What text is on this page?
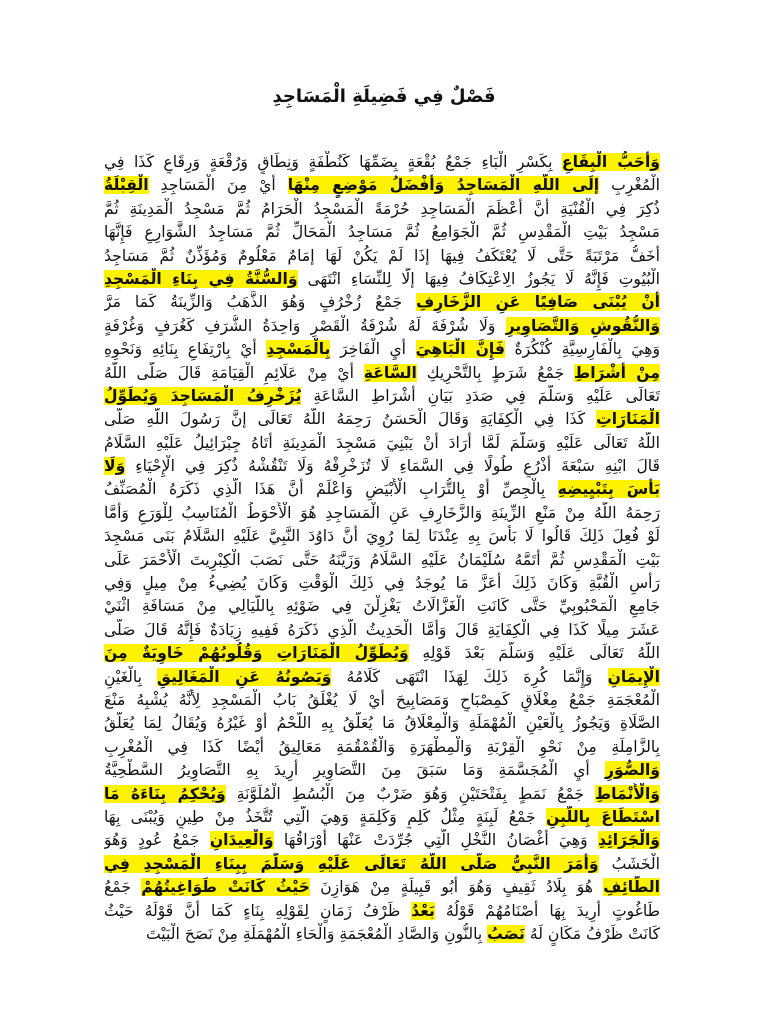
فَصْلٌ فِي فَضِيلَةِ الْمَسَاجِدِ
وَأَحَبُّ الْبِقَاعِ بِكَسْرِ الْبَاءِ جَمْعُ بُقْعَةٍ بِضَمِّهَا كَنُطْفَةٍ وَنِطَاقٍ وَرُقْعَةٍ وَرِقَاعٍ كَذَا فِي
الْمُغْرِبِ إلَى اللَّهِ الْمَسَاجِدُ وَأَفْضَلُ مَوْضِعٍ مِنْهَا أَيْ مِنَ الْمَسَاجِدِ الْقِبْلَةُ
ذُكِرَ فِي الْقُنْيَةِ أَنَّ أَعْظَمَ الْمَسَاجِدِ حُرْمَةً الْمَسْجِدُ الْحَرَامُ ثُمَّ مَسْجِدُ الْمَدِينَةِ ثُمَّ
مَسْجِدُ بَيْتِ الْمَقْدِسِ ثُمَّ الْجَوَامِعُ ثُمَّ مَسَاجِدُ الْمَحَالِّ ثُمَّ مَسَاجِدُ الشَّوَارِعِ فَإِنَّهَا
أَخَفُّ مَرْتَبَةً حَتَّى لَا يُعْتَكَفُ فِيهَا إذَا لَمْ يَكُنْ لَهَا إمَامٌ مَعْلُومٌ وَمُؤَذِّنٌ ثُمَّ مَسَاجِدُ
الْبُيُوتِ فَإِنَّهُ لَا يَجُوزُ الِاعْتِكَافُ فِيهَا إلَّا لِلنِّسَاءِ انْتَهَى وَالسُّنَّةُ فِي بِنَاءِ الْمَسْجِدِ
أَنْ يُبْنَى صَافِيًا عَنِ الزَّخَارِفِ جَمْعُ زُخْرُفٍ وَهُوَ الذَّهَبُ وَالزِّينَةُ كَمَا مَرَّ
وَالنُّقُوشِ وَالتَّصَاوِيرِ وَلَا شُرْفَةَ لَهُ شُرْفَةُ الْقَصْرِ وَاحِدَةُ الشُّرَفِ كَغُرَفٍ وَغُرْفَةٍ
وَهِيَ بِالْفَارِسِيَّةِ كُنْكُرَةٌ فَإِنَّ الْبَاهِيَ أَيِ الْفَاخِرَ بِالْمَسْجِدِ أَيْ بِارْتِفَاعِ بِنَائِهِ وَنَحْوِهِ
مِنْ أَشْرَاطِ جَمْعُ شَرَطٍ بِالتَّحْرِيكِ السَّاعَةِ أَيْ مِنْ عَلَائِمِ الْقِيَامَةِ قَالَ صَلَّى اللَّهُ
تَعَالَى عَلَيْهِ وَسَلَّمَ فِي صَدَدِ بَيَانِ أَشْرَاطِ السَّاعَةِ يُزَخْرِفُ الْمَسَاجِدَ وَيُطَوِّلُ
الْمَنَارَاتِ كَذَا فِي الْكِفَايَةِ وَقَالَ الْحَسَنُ رَحِمَهُ اللَّهُ تَعَالَى إنَّ رَسُولَ اللَّهِ صَلَّى
اللَّهُ تَعَالَى عَلَيْهِ وَسَلَّمَ لَمَّا أَرَادَ أَنْ يَبْنِيَ مَسْجِدَ الْمَدِينَةِ أَتَاهُ جِبْرَائِيلُ عَلَيْهِ السَّلَامُ
قَالَ ابْنِهِ سَبْعَةَ أَذْرُعٍ طُولًا فِي السَّمَاءِ لَا تُزَخْرِفْهُ وَلَا تَنْقُشْهُ ذُكِرَ فِي الْإِحْيَاءِ وَلَا
بَأْسَ بِتَبْيِيضِهِ بِالْجِصِّ أَوْ بِالتُّرَابِ الْأَبْيَضِ وَاعْلَمْ أَنَّ هَذَا الَّذِي ذَكَرَهُ الْمُصَنِّفُ
رَحِمَهُ اللَّهُ مِنْ مَنْعِ الزِّينَةِ وَالزَّخَارِفِ عَنِ الْمَسَاجِدِ هُوَ الْأَحْوَطُ الْمُنَاسِبُ لِلْوَرَعِ وَأَمَّا
لَوْ فُعِلَ ذَلِكَ قَالُوا لَا بَأْسَ بِهِ عِنْدَنَا لِمَا رُوِيَ أَنَّ دَاوُدَ النَّبِيَّ عَلَيْهِ السَّلَامُ بَنَى مَسْجِدَ
بَيْتِ الْمَقْدِسِ ثُمَّ أَتَمَّهُ سُلَيْمَانُ عَلَيْهِ السَّلَامُ وَزَيَّنَهُ حَتَّى نَصَبَ الْكِبْرِيتَ الْأَحْمَرَ عَلَى
رَأْسِ الْقُبَّةِ وَكَانَ ذَلِكَ أَعَزَّ مَا يُوجَدُ فِي ذَلِكَ الْوَقْتِ وَكَانَ يُضِيءُ مِنْ مِيلٍ وَفِي
جَامِعِ الْمَحْبُوبِيِّ حَتَّى كَانَتِ الْغَزَّالَاتُ يَغْزِلْنَ فِي ضَوْئِهِ بِاللَّيَالِي مِنْ مَسَافَةِ اثْنَيْ
عَشَرَ مِيلًا كَذَا فِي الْكِفَايَةِ قَالَ وَأَمَّا الْحَدِيثُ الَّذِي ذَكَرَهُ فَفِيهِ زِيَادَةٌ فَإِنَّهُ قَالَ صَلَّى
اللَّهُ تَعَالَى عَلَيْهِ وَسَلَّمَ بَعْدَ قَوْلِهِ وَيُطَوِّلُ الْمَنَارَاتِ وَقُلُوبُهُمْ خَاوِيَةٌ مِنَ
الْإِيمَانِ وَإِنَّمَا كُرِهَ ذَلِكَ لِهَذَا انْتَهَى كَلَامُهُ وَيَصُونُهُ عَنِ الْمَغَالِيقِ بِالْغَيْنِ
الْمُعْجَمَةِ جَمْعُ مِغْلَاقٍ كَمِصْبَاحٍ وَمَصَابِيحَ أَيْ لَا يُغْلَقُ بَابُ الْمَسْجِدِ لِأَنَّهُ يُشْبِهُ مَنْعَ
الصَّلَاةِ وَيَجُوزُ بِالْعَيْنِ الْمُهْمَلَةِ وَالْمِعْلَاقُ مَا يُعَلَّقُ بِهِ اللَّحْمُ أَوْ غَيْرُهُ وَيُقَالُ لِمَا يُعَلَّقُ
بِالزَّامِلَةِ مِنْ نَحْوِ الْقِرْبَةِ وَالْمِطْهَرَةِ وَالْقُمْقُمَةِ مَعَالِيقُ أَيْضًا كَذَا فِي الْمُغْرِبِ
وَالصُّوَرِ أَيِ الْمُجَسَّمَةِ وَمَا سَبَقَ مِنَ التَّصَاوِيرِ أُرِيدَ بِهِ التَّصَاوِيرُ السَّطْحِيَّةُ
وَالْأَنْمَاطِ جَمْعُ نَمَطٍ بِفَتْحَتَيْنِ وَهُوَ ضَرْبٌ مِنَ الْبُسُطِ الْمُلَوَّنَةِ وَيُحْكِمُ بِنَاءَهُ مَا
اسْتَطَاعَ بِاللَّبِنِ جَمْعُ لَبِنَةٍ مِثْلُ كَلِمٍ وَكَلِمَةٍ وَهِيَ الَّتِي تُتَّخَذُ مِنْ طِينٍ وَيُبْنَى بِهَا
وَالْجَرَائِدِ وَهِيَ أَغْصَانُ النَّخْلِ الَّتِي جُرِّدَتْ عَنْهَا أَوْرَاقُهَا وَالْعِيدَانِ جَمْعُ عُودٍ وَهُوَ
الْخَشَبُ وَأَمَرَ النَّبِيُّ صَلَّى اللَّهُ تَعَالَى عَلَيْهِ وَسَلَّمَ بِبِنَاءِ الْمَسْجِدِ فِي
الطَّائِفِ هُوَ بِلَادُ ثَقِيفٍ وَهُوَ أَبُو قَبِيلَةٍ مِنْ هَوَازِنَ حَيْثُ كَانَتْ طَوَاغِيتُهُمْ جَمْعُ
طَاغُوتٍ أُرِيدَ بِهَا أَصْنَامُهُمْ قَوْلُهُ بَعْدُ ظَرْفُ زَمَانٍ لِقَوْلِهِ بِنَاءٍ كَمَا أَنَّ قَوْلَهُ حَيْثُ
كَانَتْ ظَرْفُ مَكَانٍ لَهُ نَصَبُ بِالنُّونِ وَالصَّادِ الْمُعْجَمَةِ وَالْحَاءِ الْمُهْمَلَةِ مِنْ نَصَحَ الْبَيْتَ
